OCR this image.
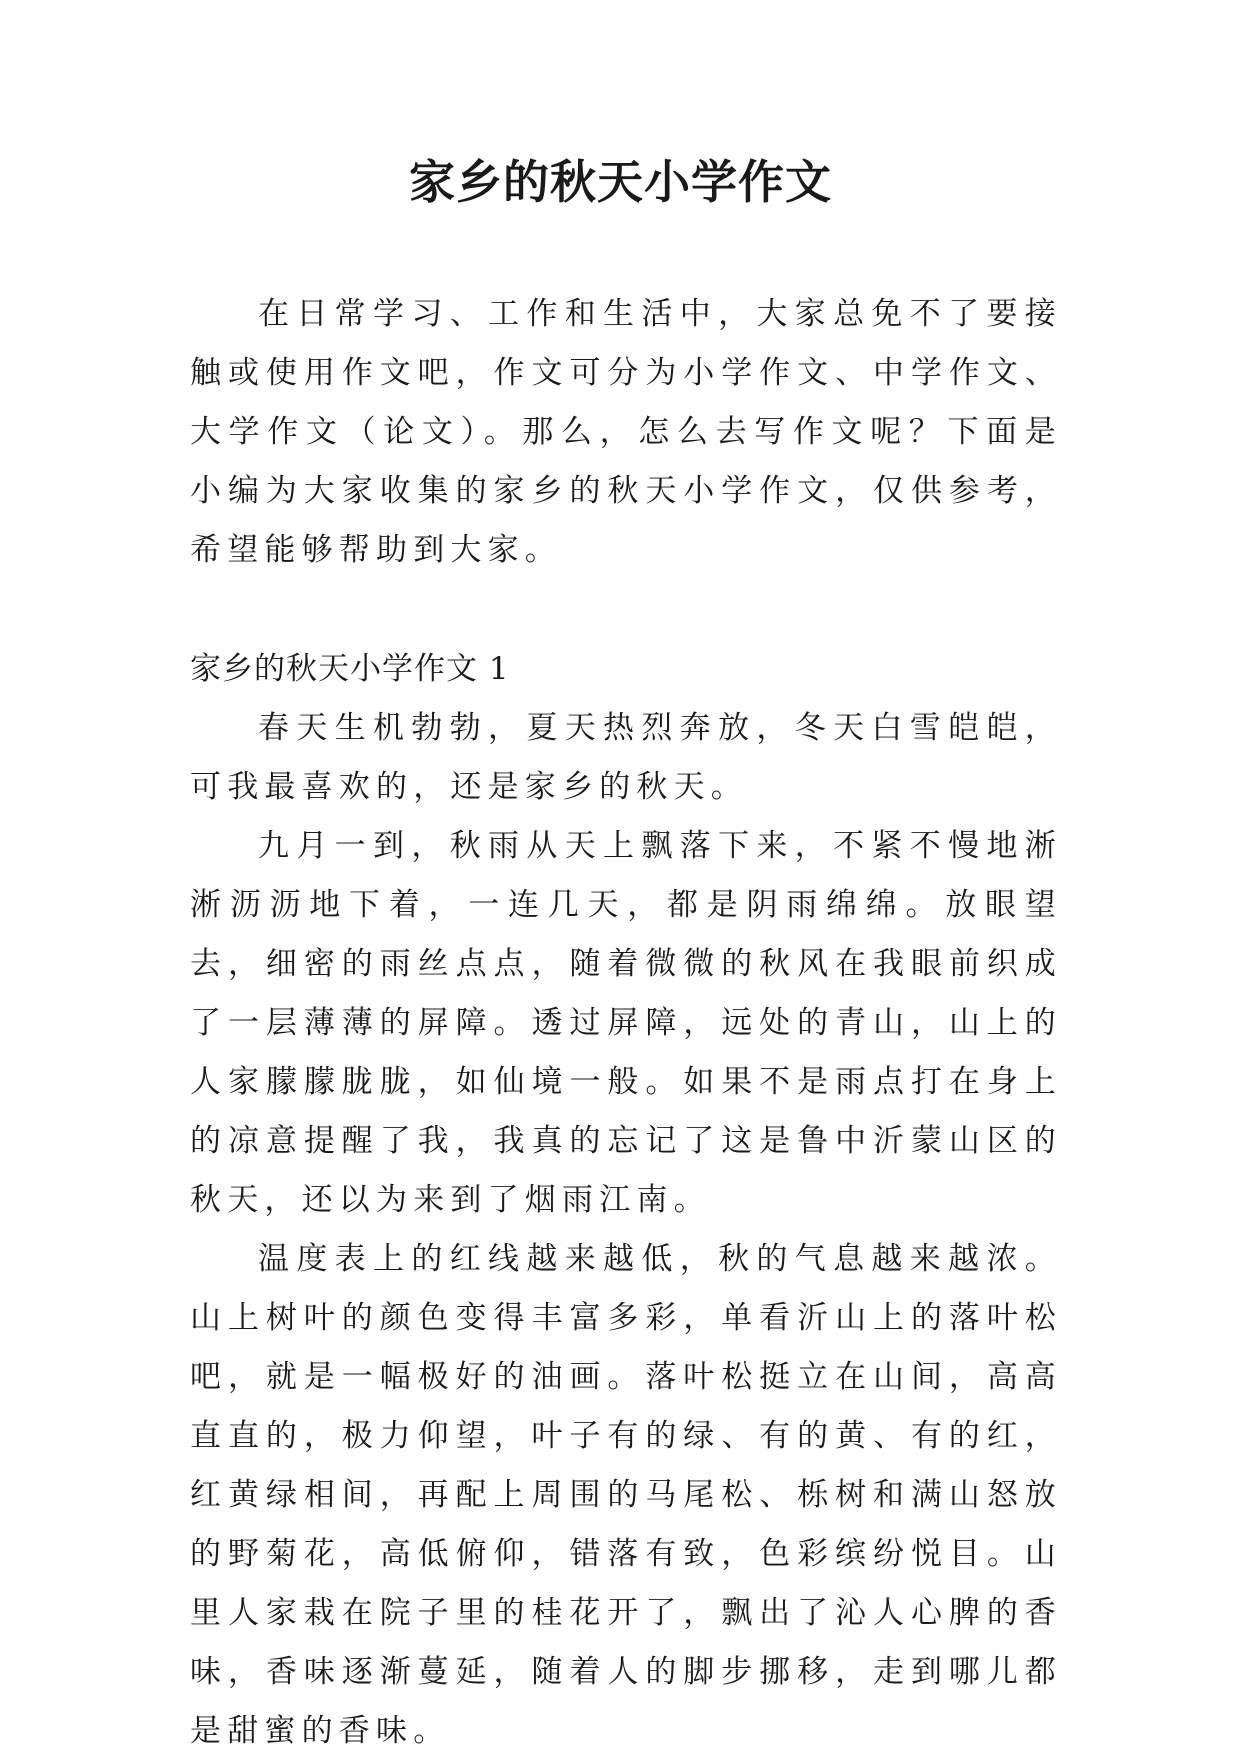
家乡的秋天小学作文

在日常学习、工作和生活中，大家总免不了要接触或使用作文吧，作文可分为小学作文、中学作文、大学作文（论文）。那么，怎么去写作文呢？下面是小编为大家收集的家乡的秋天小学作文，仅供参考，希望能够帮助到大家。

家乡的秋天小学作文 1

春天生机勃勃，夏天热烈奔放，冬天白雪皑皑，可我最喜欢的，还是家乡的秋天。

九月一到，秋雨从天上飘落下来，不紧不慢地淅淅沥沥地下着，一连几天，都是阴雨绵绵。放眼望去，细密的雨丝点点，随着微微的秋风在我眼前织成了一层薄薄的屏障。透过屏障，远处的青山，山上的人家朦朦胧胧，如仙境一般。如果不是雨点打在身上的凉意提醒了我，我真的忘记了这是鲁中沂蒙山区的秋天，还以为来到了烟雨江南。

温度表上的红线越来越低，秋的气息越来越浓。山上树叶的颜色变得丰富多彩，单看沂山上的落叶松吧，就是一幅极好的油画。落叶松挺立在山间，高高直直的，极力仰望，叶子有的绿、有的黄、有的红，红黄绿相间，再配上周围的马尾松、栎树和满山怒放的野菊花，高低俯仰，错落有致，色彩缤纷悦目。山里人家栽在院子里的桂花开了，飘出了沁人心脾的香味，香味逐渐蔓延，随着人的脚步挪移，走到哪儿都是甜蜜的香味。
